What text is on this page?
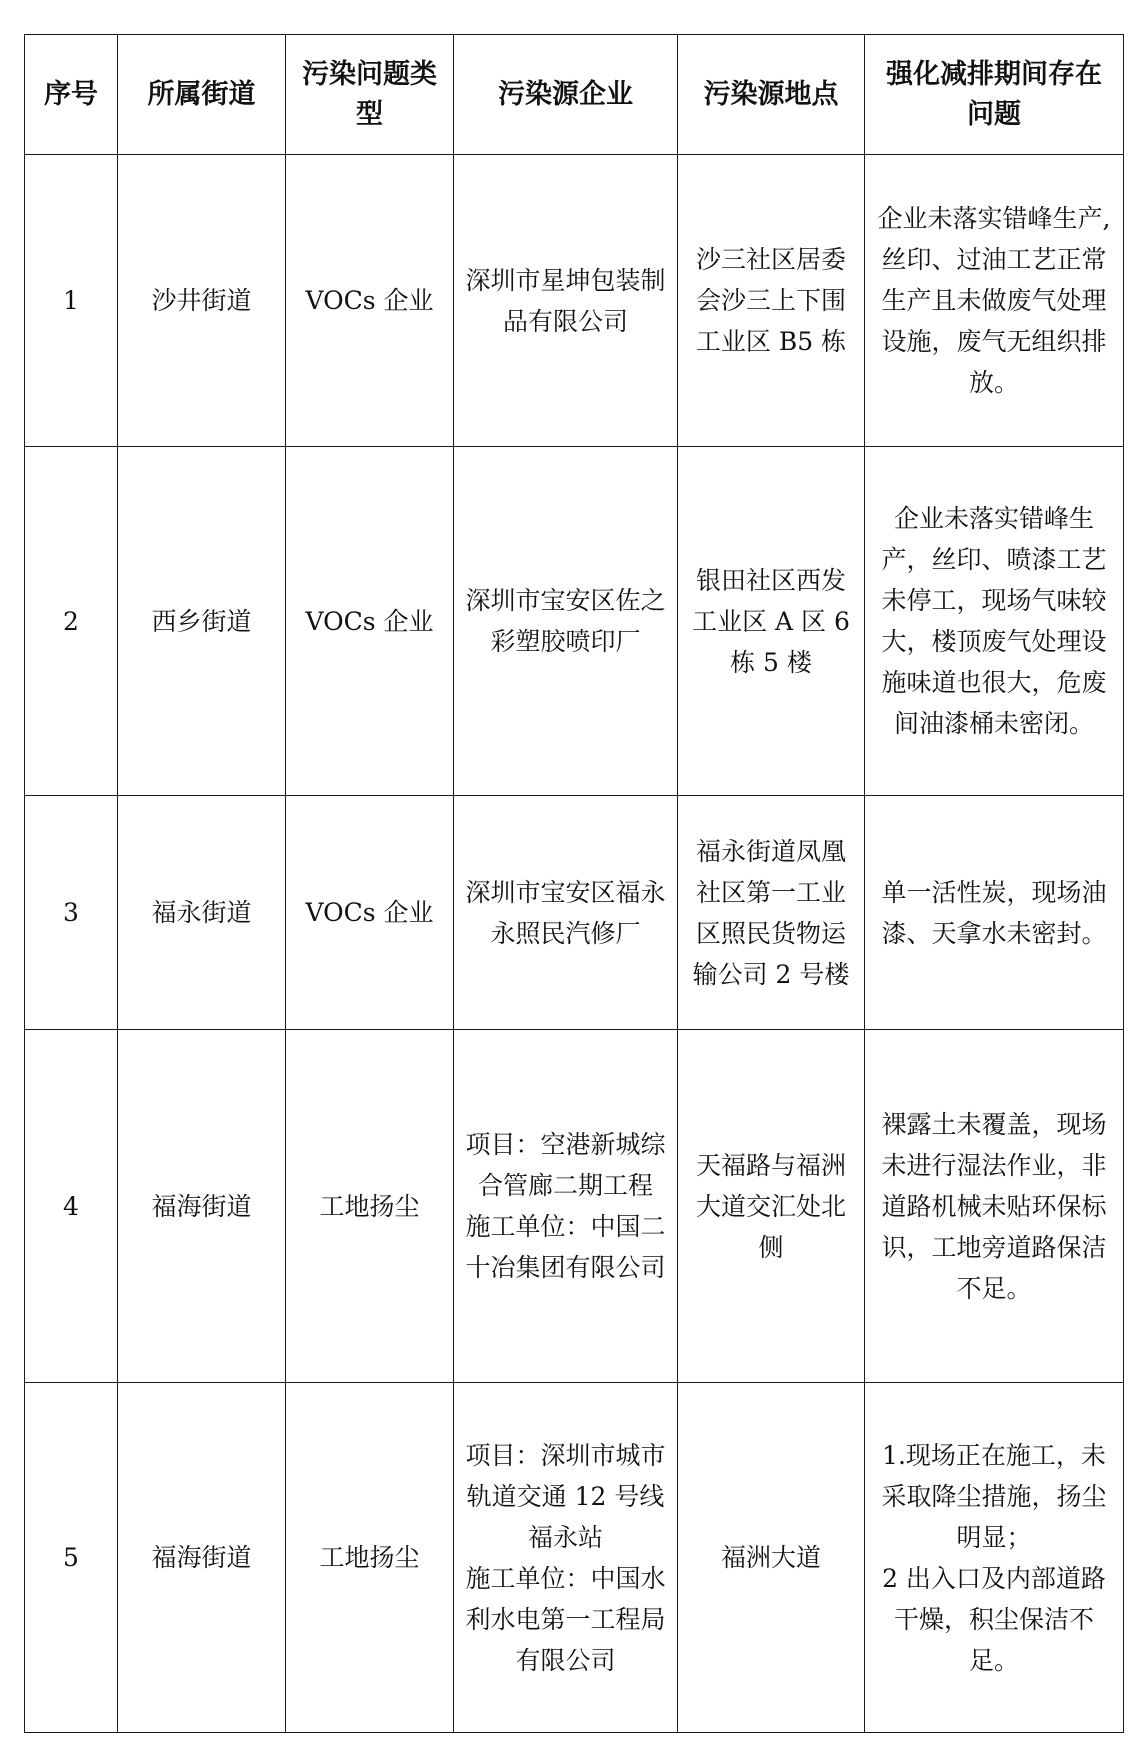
序号	所属街道	污染问题类型	污染源企业	污染源地点	强化减排期间存在问题
1	沙井街道	VOCs 企业	深圳市星坤包装制品有限公司	沙三社区居委会沙三上下围工业区 B5 栋	企业未落实错峰生产,丝印、过油工艺正常生产且未做废气处理设施，废气无组织排放。
2	西乡街道	VOCs 企业	深圳市宝安区佐之彩塑胶喷印厂	银田社区西发工业区 A 区 6 栋 5 楼	企业未落实错峰生产，丝印、喷漆工艺未停工，现场气味较大，楼顶废气处理设施味道也很大，危废间油漆桶未密闭。
3	福永街道	VOCs 企业	深圳市宝安区福永永照民汽修厂	福永街道凤凰社区第一工业区照民货物运输公司 2 号楼	单一活性炭，现场油漆、天拿水未密封。
4	福海街道	工地扬尘	项目：空港新城综合管廊二期工程
施工单位：中国二十冶集团有限公司	天福路与福洲大道交汇处北侧	裸露土未覆盖，现场未进行湿法作业，非道路机械未贴环保标识，工地旁道路保洁不足。
5	福海街道	工地扬尘	项目：深圳市城市轨道交通 12 号线福永站
施工单位：中国水利水电第一工程局有限公司	福洲大道	1.现场正在施工，未采取降尘措施，扬尘明显；
2 出入口及内部道路干燥，积尘保洁不足。
